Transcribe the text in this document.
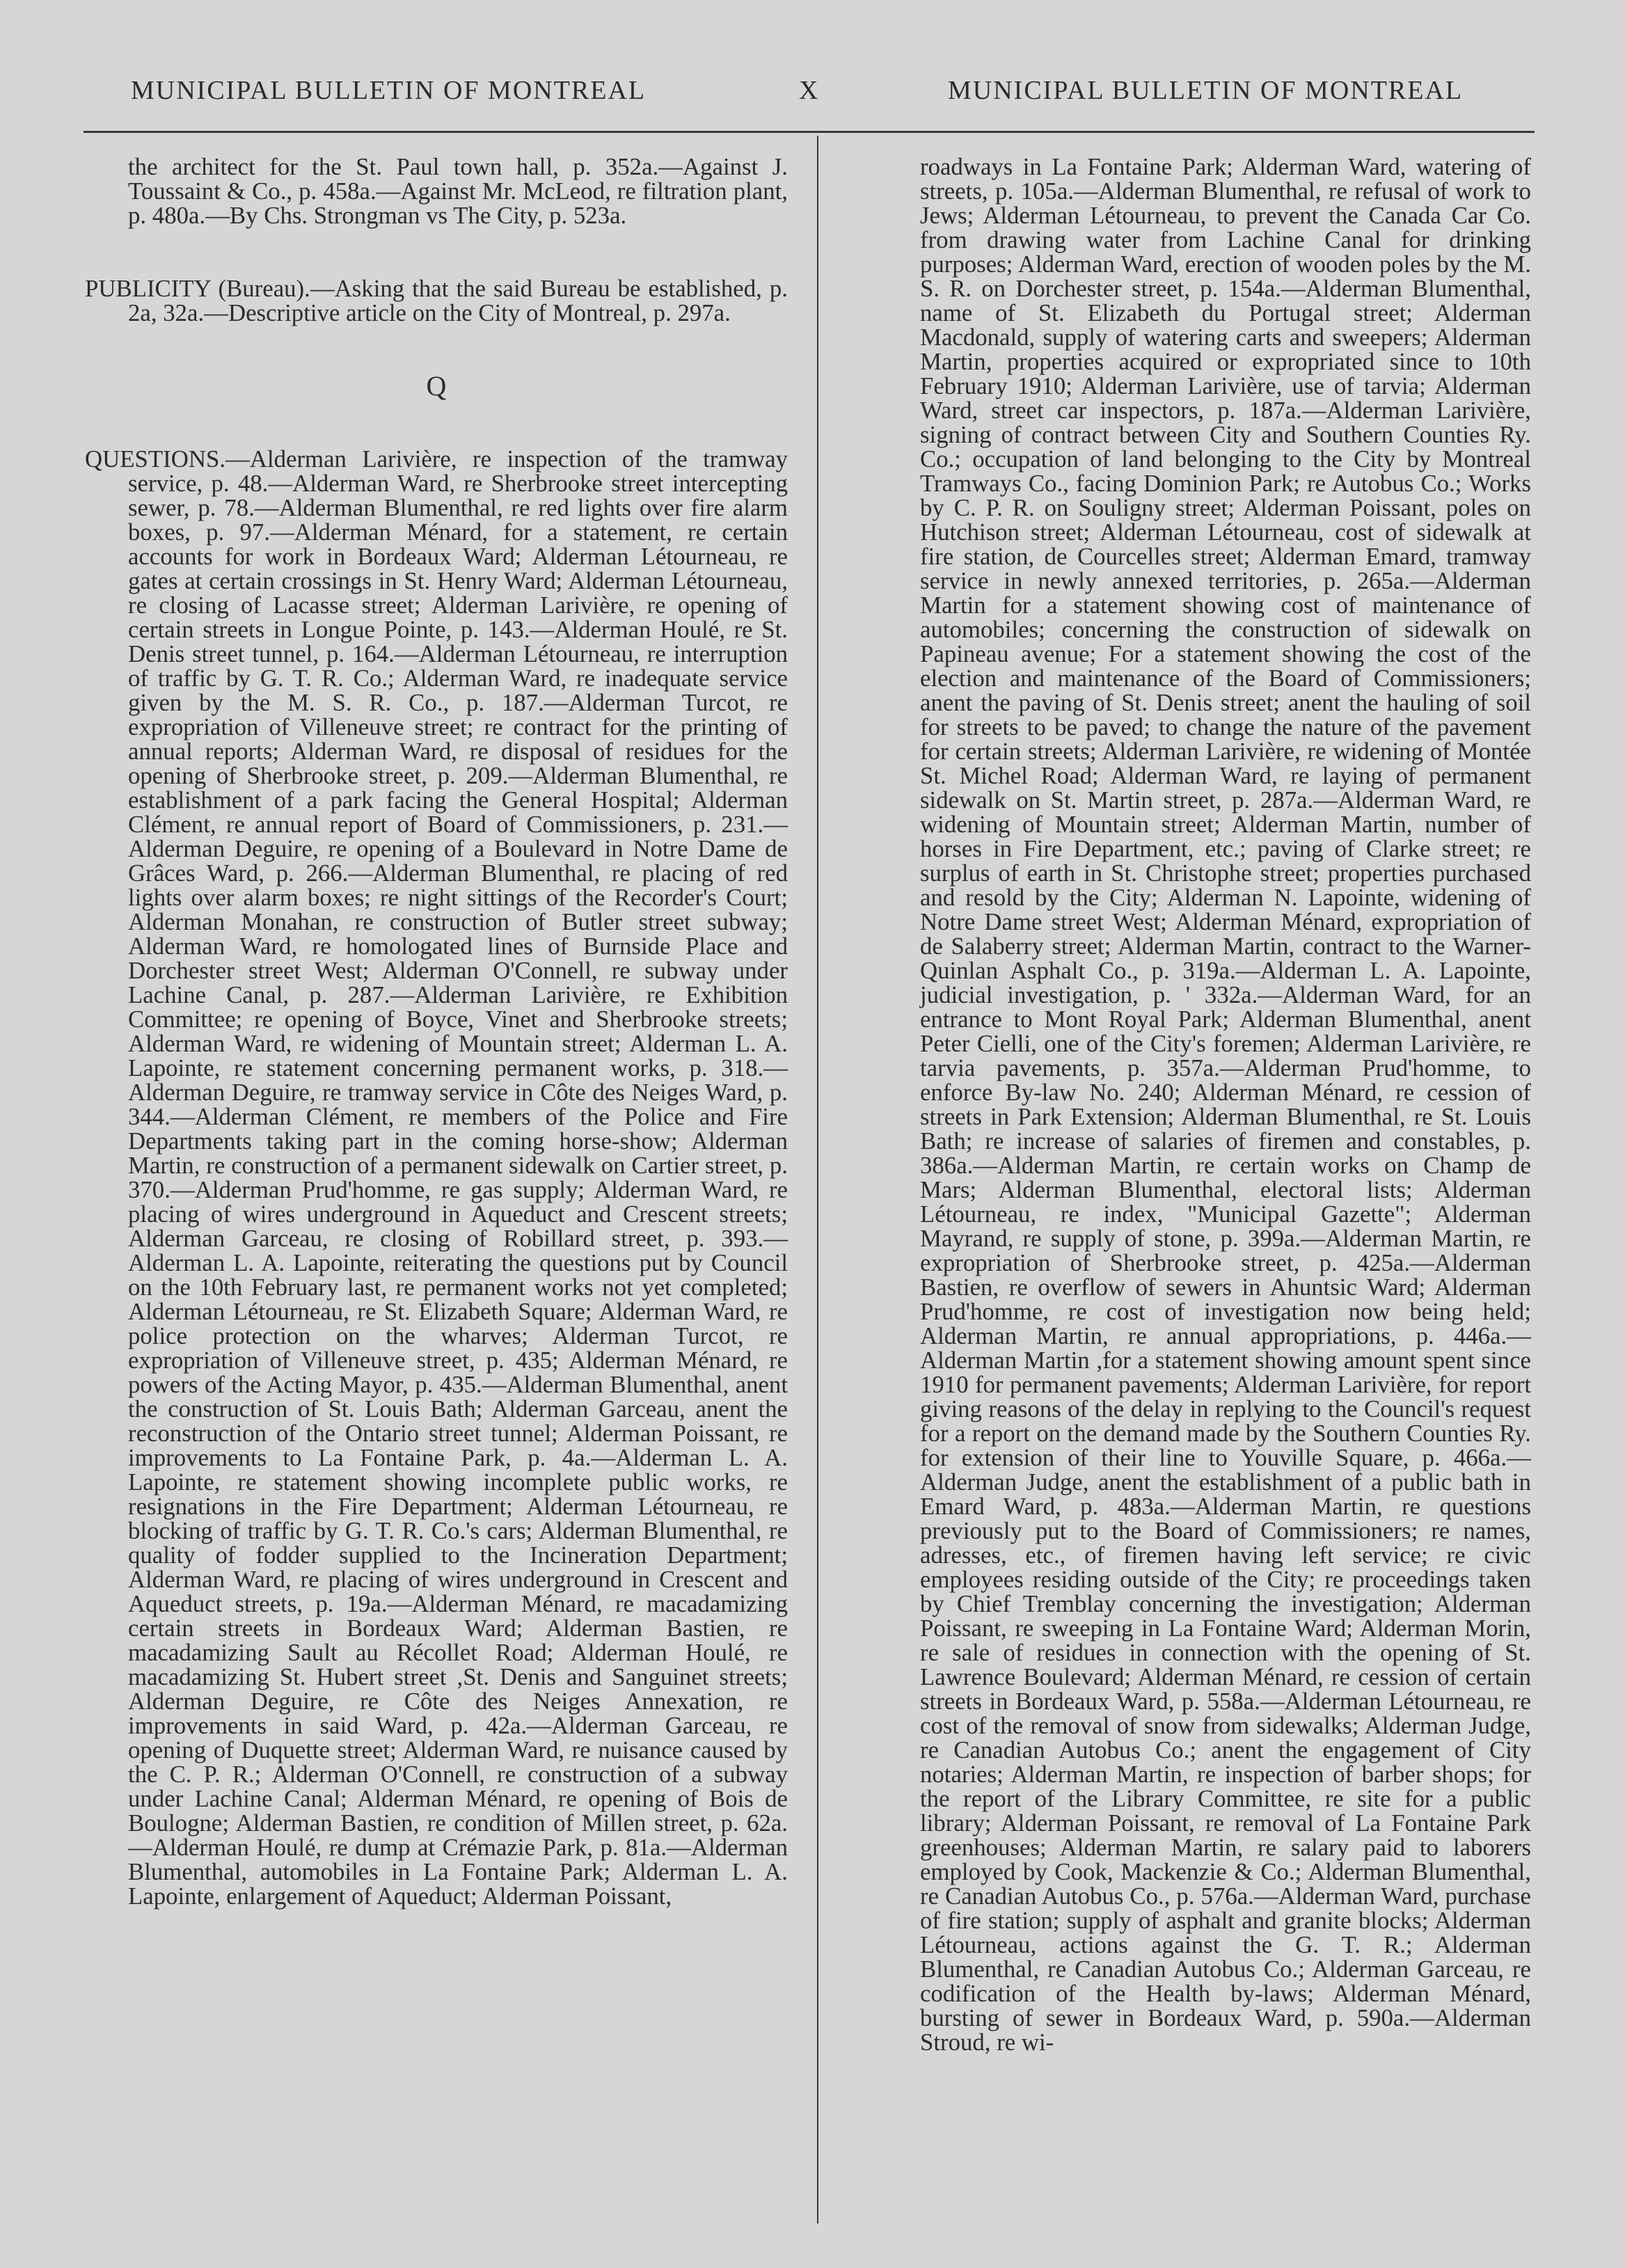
MUNICIPAL BULLETIN OF MONTREAL	X	MUNICIPAL BULLETIN OF MONTREAL

the architect for the St. Paul town hall, p. 352a.—Against J. Toussaint & Co., p. 458a.—Against Mr. McLeod, re filtration plant, p. 480a.—By Chs. Strongman vs The City, p. 523a.

PUBLICITY (Bureau).—Asking that the said Bureau be established, p. 2a, 32a.—Descriptive article on the City of Montreal, p. 297a.

Q

QUESTIONS.—Alderman Larivière, re inspection of the tramway service, p. 48.—Alderman Ward, re Sherbrooke street intercepting sewer, p. 78.—Alderman Blumenthal, re red lights over fire alarm boxes, p. 97.—Alderman Ménard, for a statement, re certain accounts for work in Bordeaux Ward; Alderman Létourneau, re gates at certain crossings in St. Henry Ward; Alderman Létourneau, re closing of Lacasse street; Alderman Larivière, re opening of certain streets in Longue Pointe, p. 143.—Alderman Houlé, re St. Denis street tunnel, p. 164.—Alderman Létourneau, re interruption of traffic by G. T. R. Co.; Alderman Ward, re inadequate service given by the M. S. R. Co., p. 187.—Alderman Turcot, re expropriation of Villeneuve street; re contract for the printing of annual reports; Alderman Ward, re disposal of residues for the opening of Sherbrooke street, p. 209.—Alderman Blumenthal, re establishment of a park facing the General Hospital; Alderman Clément, re annual report of Board of Commissioners, p. 231.—Alderman Deguire, re opening of a Boulevard in Notre Dame de Grâces Ward, p. 266.—Alderman Blumenthal, re placing of red lights over alarm boxes; re night sittings of the Recorder's Court; Alderman Monahan, re construction of Butler street subway; Alderman Ward, re homologated lines of Burnside Place and Dorchester street West; Alderman O'Connell, re subway under Lachine Canal, p. 287.—Alderman Larivière, re Exhibition Committee; re opening of Boyce, Vinet and Sherbrooke streets; Alderman Ward, re widening of Mountain street; Alderman L. A. Lapointe, re statement concerning permanent works, p. 318.—Alderman Deguire, re tramway service in Côte des Neiges Ward, p. 344.—Alderman Clément, re members of the Police and Fire Departments taking part in the coming horse-show; Alderman Martin, re construction of a permanent sidewalk on Cartier street, p. 370.—Alderman Prud'homme, re gas supply; Alderman Ward, re placing of wires underground in Aqueduct and Crescent streets; Alderman Garceau, re closing of Robillard street, p. 393.—Alderman L. A. Lapointe, reiterating the questions put by Council on the 10th February last, re permanent works not yet completed; Alderman Létourneau, re St. Elizabeth Square; Alderman Ward, re police protection on the wharves; Alderman Turcot, re expropriation of Villeneuve street, p. 435; Alderman Ménard, re powers of the Acting Mayor, p. 435.—Alderman Blumenthal, anent the construction of St. Louis Bath; Alderman Garceau, anent the reconstruction of the Ontario street tunnel; Alderman Poissant, re improvements to La Fontaine Park, p. 4a.—Alderman L. A. Lapointe, re statement showing incomplete public works, re resignations in the Fire Department; Alderman Létourneau, re blocking of traffic by G. T. R. Co.'s cars; Alderman Blumenthal, re quality of fodder supplied to the Incineration Department; Alderman Ward, re placing of wires underground in Crescent and Aqueduct streets, p. 19a.—Alderman Ménard, re macadamizing certain streets in Bordeaux Ward; Alderman Bastien, re macadamizing Sault au Récollet Road; Alderman Houlé, re macadamizing St. Hubert street ,St. Denis and Sanguinet streets; Alderman Deguire, re Côte des Neiges Annexation, re improvements in said Ward, p. 42a.—Alderman Garceau, re opening of Duquette street; Alderman Ward, re nuisance caused by the C. P. R.; Alderman O'Connell, re construction of a subway under Lachine Canal; Alderman Ménard, re opening of Bois de Boulogne; Alderman Bastien, re condition of Millen street, p. 62a.—Alderman Houlé, re dump at Crémazie Park, p. 81a.—Alderman Blumenthal, automobiles in La Fontaine Park; Alderman L. A. Lapointe, enlargement of Aqueduct; Alderman Poissant,

roadways in La Fontaine Park; Alderman Ward, watering of streets, p. 105a.—Alderman Blumenthal, re refusal of work to Jews; Alderman Létourneau, to prevent the Canada Car Co. from drawing water from Lachine Canal for drinking purposes; Alderman Ward, erection of wooden poles by the M. S. R. on Dorchester street, p. 154a.—Alderman Blumenthal, name of St. Elizabeth du Portugal street; Alderman Macdonald, supply of watering carts and sweepers; Alderman Martin, properties acquired or expropriated since to 10th February 1910; Alderman Larivière, use of tarvia; Alderman Ward, street car inspectors, p. 187a.—Alderman Larivière, signing of contract between City and Southern Counties Ry. Co.; occupation of land belonging to the City by Montreal Tramways Co., facing Dominion Park; re Autobus Co.; Works by C. P. R. on Souligny street; Alderman Poissant, poles on Hutchison street; Alderman Létourneau, cost of sidewalk at fire station, de Courcelles street; Alderman Emard, tramway service in newly annexed territories, p. 265a.—Alderman Martin for a statement showing cost of maintenance of automobiles; concerning the construction of sidewalk on Papineau avenue; For a statement showing the cost of the election and maintenance of the Board of Commissioners; anent the paving of St. Denis street; anent the hauling of soil for streets to be paved; to change the nature of the pavement for certain streets; Alderman Larivière, re widening of Montée St. Michel Road; Alderman Ward, re laying of permanent sidewalk on St. Martin street, p. 287a.—Alderman Ward, re widening of Mountain street; Alderman Martin, number of horses in Fire Department, etc.; paving of Clarke street; re surplus of earth in St. Christophe street; properties purchased and resold by the City; Alderman N. Lapointe, widening of Notre Dame street West; Alderman Ménard, expropriation of de Salaberry street; Alderman Martin, contract to the Warner-Quinlan Asphalt Co., p. 319a.—Alderman L. A. Lapointe, judicial investigation, p. ' 332a.—Alderman Ward, for an entrance to Mont Royal Park; Alderman Blumenthal, anent Peter Cielli, one of the City's foremen; Alderman Larivière, re tarvia pavements, p. 357a.—Alderman Prud'homme, to enforce By-law No. 240; Alderman Ménard, re cession of streets in Park Extension; Alderman Blumenthal, re St. Louis Bath; re increase of salaries of firemen and constables, p. 386a.—Alderman Martin, re certain works on Champ de Mars; Alderman Blumenthal, electoral lists; Alderman Létourneau, re index, "Municipal Gazette"; Alderman Mayrand, re supply of stone, p. 399a.—Alderman Martin, re expropriation of Sherbrooke street, p. 425a.—Alderman Bastien, re overflow of sewers in Ahuntsic Ward; Alderman Prud'homme, re cost of investigation now being held; Alderman Martin, re annual appropriations, p. 446a.—Alderman Martin ,for a statement showing amount spent since 1910 for permanent pavements; Alderman Larivière, for report giving reasons of the delay in replying to the Council's request for a report on the demand made by the Southern Counties Ry. for extension of their line to Youville Square, p. 466a.—Alderman Judge, anent the establishment of a public bath in Emard Ward, p. 483a.—Alderman Martin, re questions previously put to the Board of Commissioners; re names, adresses, etc., of firemen having left service; re civic employees residing outside of the City; re proceedings taken by Chief Tremblay concerning the investigation; Alderman Poissant, re sweeping in La Fontaine Ward; Alderman Morin, re sale of residues in connection with the opening of St. Lawrence Boulevard; Alderman Ménard, re cession of certain streets in Bordeaux Ward, p. 558a.—Alderman Létourneau, re cost of the removal of snow from sidewalks; Alderman Judge, re Canadian Autobus Co.; anent the engagement of City notaries; Alderman Martin, re inspection of barber shops; for the report of the Library Committee, re site for a public library; Alderman Poissant, re removal of La Fontaine Park greenhouses; Alderman Martin, re salary paid to laborers employed by Cook, Mackenzie & Co.; Alderman Blumenthal, re Canadian Autobus Co., p. 576a.—Alderman Ward, purchase of fire station; supply of asphalt and granite blocks; Alderman Létourneau, actions against the G. T. R.; Alderman Blumenthal, re Canadian Autobus Co.; Alderman Garceau, re codification of the Health by-laws; Alderman Ménard, bursting of sewer in Bordeaux Ward, p. 590a.—Alderman Stroud, re wi-
